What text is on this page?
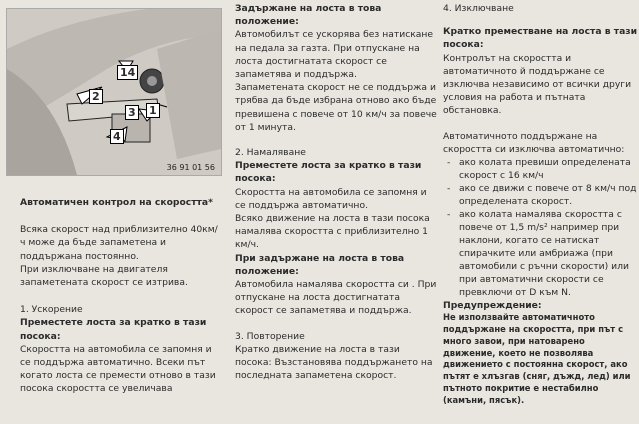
1
2
3
4
14
36 91 01 56

Автоматичен контрол на скоростта*

Всяка скорост над приблизително 40км/ч може да бъде запаметена и поддържана постоянно.

При изключване на двигателя запаметената скорост се изтрива.

1. Ускорение

Преместете лоста за кратко в тази посока:

Скоростта на автомобила се запомня и се поддържа автоматично. Всеки път когато лоста се премести отново в тази посока скоростта се увеличава

Задържане на лоста в това положение:

Автомобилът се ускорява без натискане на педала за газта. При отпускане на лоста достигнатата скорост се запаметява и поддържа.

Запаметената скорост не се поддържа и трябва да бъде избрана отново ако бъде превишена с повече от 10 км/ч за повече от 1 минута.

2. Намаляване

Преместете лоста за кратко в тази посока:

Скоростта на автомобила се запомня и се поддържа автоматично.

Всяко движение на лоста в тази посока намалява скоростта с приблизително 1 км/ч.

При задържане на лоста в това положение:

Автомобила намалява скоростта си . При отпускане на лоста достигнатата скорост се запаметява и поддържа.

3. Повторение

Кратко движение на лоста в тази посока: Възстановява поддържането на последната запаметена скорост.

4. Изключване

Кратко преместване на лоста в тази посока:

Контролът на скоростта и автоматичното й поддържане се изключва независимо от всички други условия на работа и пътната обстановка.

Автоматичното поддържане на скоростта си изключва автоматично:

- ако колата превиши определената скорост с 16 км/ч
- ако се движи с повече от 8 км/ч под определената скорост.
- ако колата намалява скоростта с повече от 1,5 m/s² например при наклони, когато се натискат спирачките или амбриажа (при автомобили с ръчни скорости) или при автоматични скорости се превключи от D към N.

Предупреждение:

Не използвайте автоматичното поддържане на скоростта, при път с много завои, при натоварено движение, което не позволява движението с постоянна скорост, ако пътят е хлъзгав (сняг, дъжд, лед) или пътното покритие е нестабилно (камъни, пясък).
